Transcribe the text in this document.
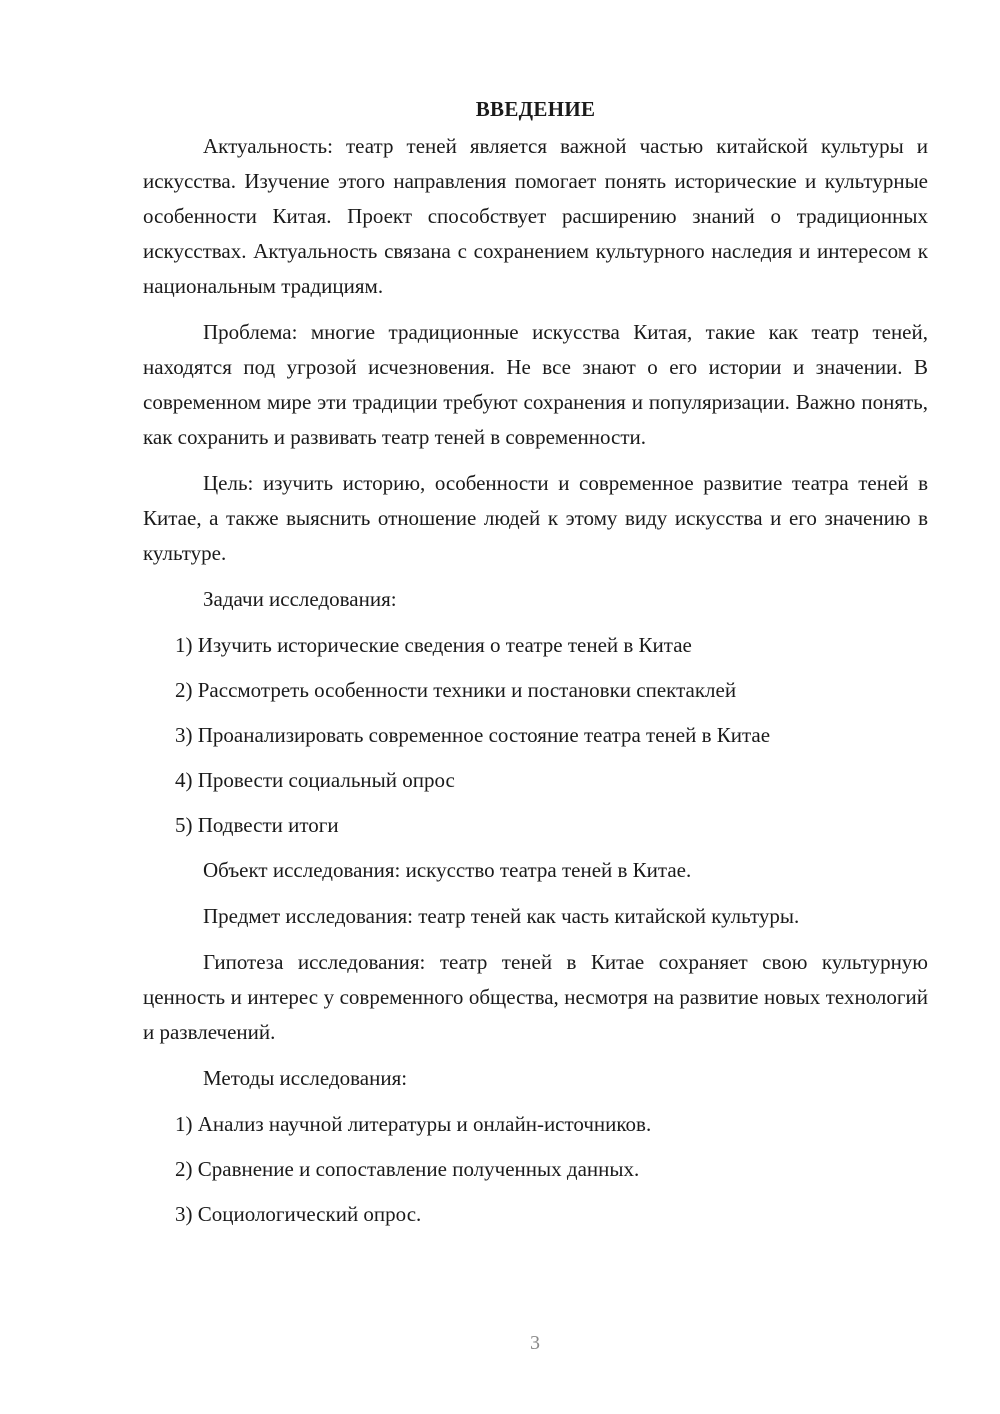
ВВЕДЕНИЕ

Актуальность: театр теней является важной частью китайской культуры и искусства. Изучение этого направления помогает понять исторические и культурные особенности Китая. Проект способствует расширению знаний о традиционных искусствах. Актуальность связана с сохранением культурного наследия и интересом к национальным традициям.

Проблема: многие традиционные искусства Китая, такие как театр теней, находятся под угрозой исчезновения. Не все знают о его истории и значении. В современном мире эти традиции требуют сохранения и популяризации. Важно понять, как сохранить и развивать театр теней в современности.

Цель: изучить историю, особенности и современное развитие театра теней в Китае, а также выяснить отношение людей к этому виду искусства и его значению в культуре.

Задачи исследования:
1) Изучить исторические сведения о театре теней в Китае
2) Рассмотреть особенности техники и постановки спектаклей
3) Проанализировать современное состояние театра теней в Китае
4) Провести социальный опрос
5) Подвести итоги
Объект исследования: искусство театра теней в Китае.
Предмет исследования: театр теней как часть китайской культуры.

Гипотеза исследования: театр теней в Китае сохраняет свою культурную ценность и интерес у современного общества, несмотря на развитие новых технологий и развлечений.

Методы исследования:
1) Анализ научной литературы и онлайн-источников.
2) Сравнение и сопоставление полученных данных.
3) Социологический опрос.
3
